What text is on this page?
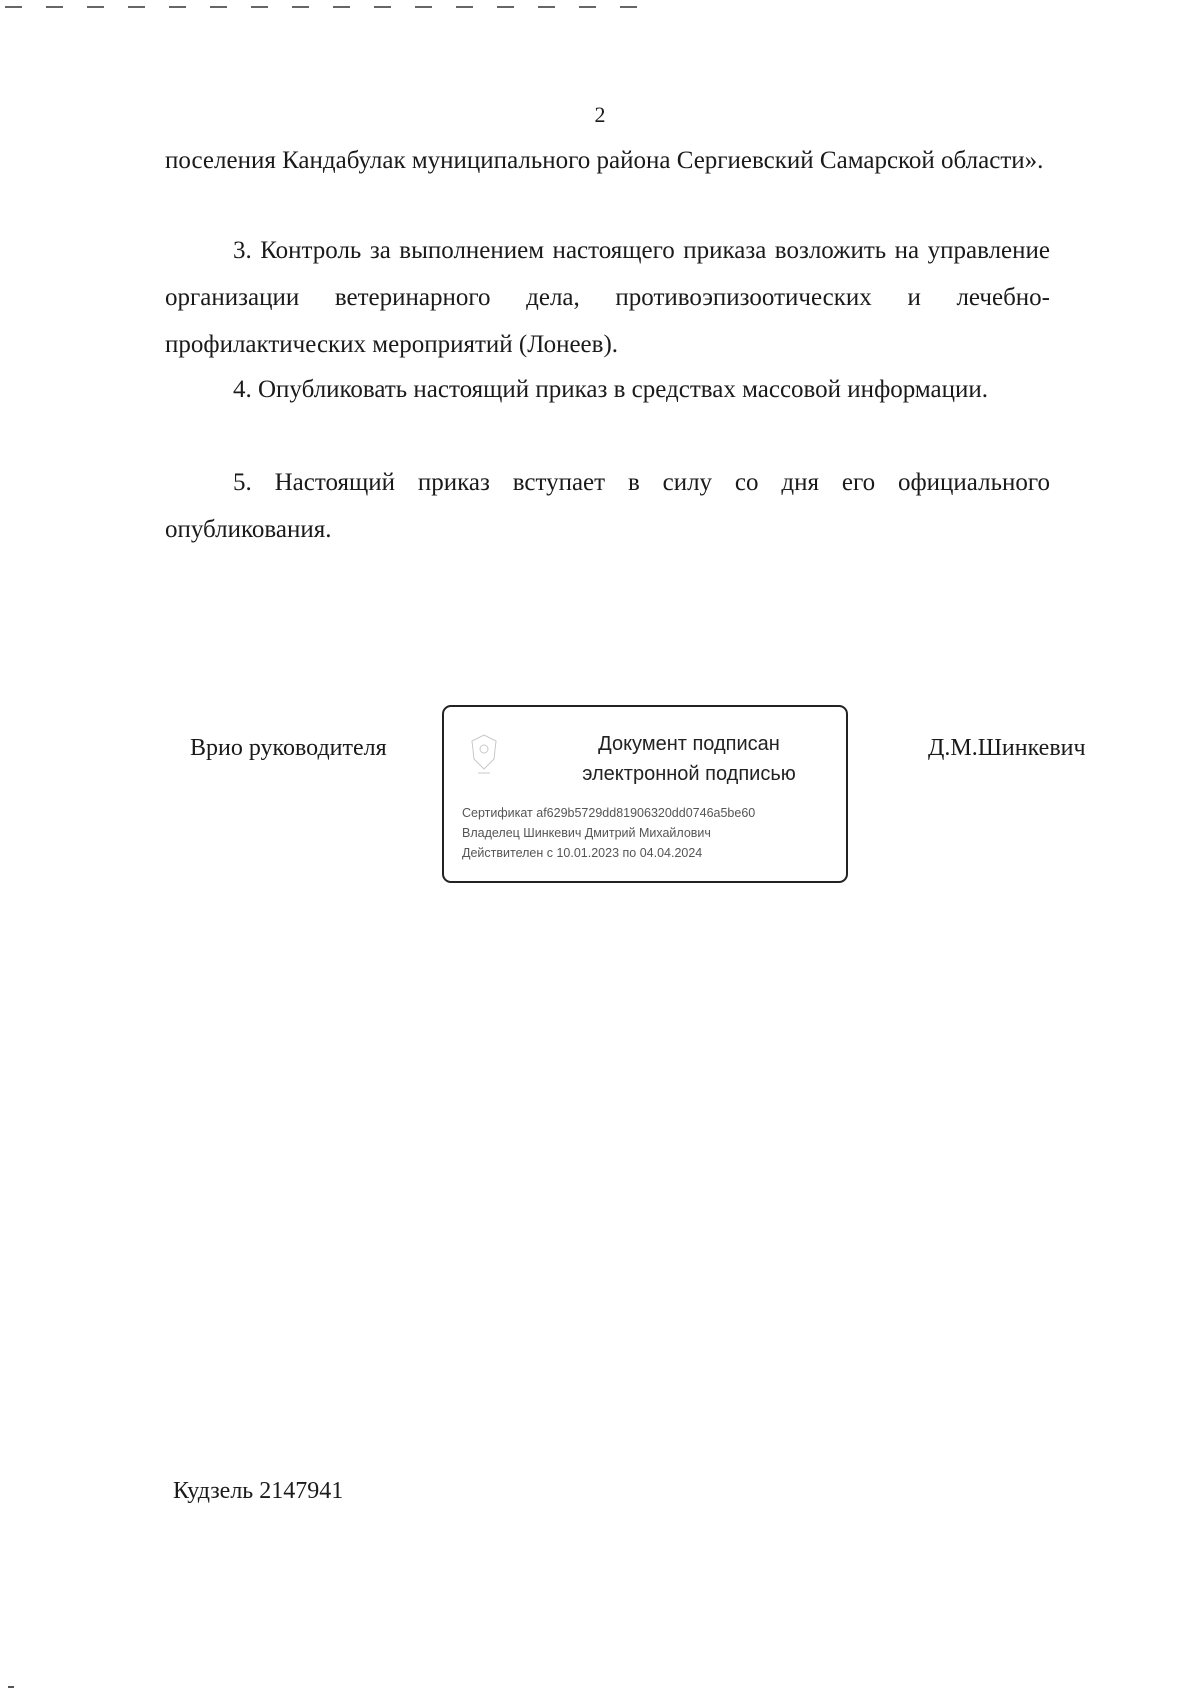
2

поселения Кандабулак муниципального района Сергиевский Самарской области».

3. Контроль за выполнением настоящего приказа возложить на управление организации ветеринарного дела, противоэпизоотических и лечебно-профилактических мероприятий (Лонеев).

4. Опубликовать настоящий приказ в средствах массовой информации.

5. Настоящий приказ вступает в силу со дня его официального опубликования.

Врио руководителя	Документ подписан
электронной подписью
Сертификат af629b5729dd81906320dd0746a5be60
Владелец Шинкевич Дмитрий Михайлович
Действителен с 10.01.2023 по 04.04.2024
Д.М.Шинкевич
Кудзель 2147941
